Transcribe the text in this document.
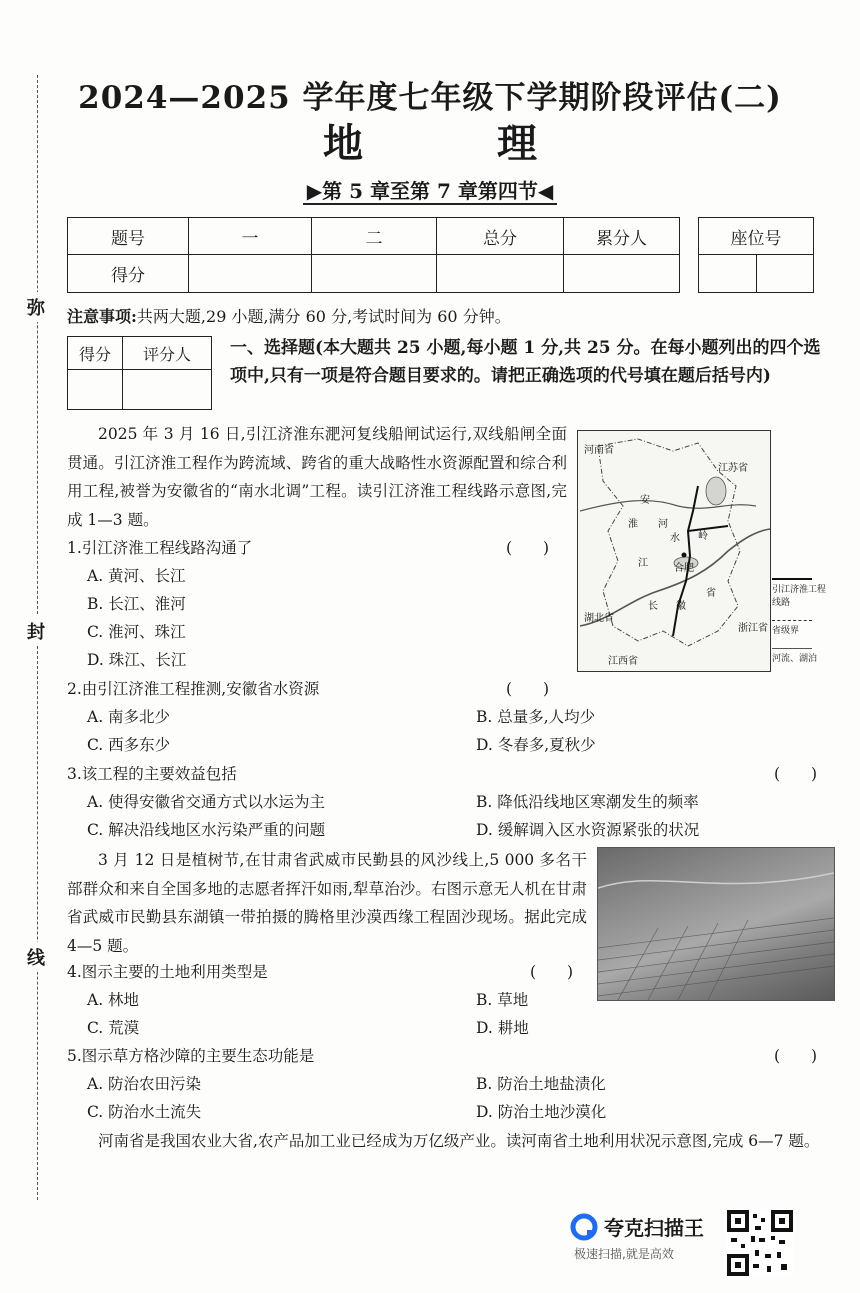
2024—2025 学年度七年级下学期阶段评估(二)
地 理
▶第 5 章至第 7 章第四节◀
弥
封
线
题号	一	二	总分	累分人
得分				
座位号

注意事项:共两大题,29 小题,满分 60 分,考试时间为 60 分钟。
得分	评分人
	一、选择题(本大题共 25 小题,每小题 1 分,共 25 分。在每小题列出的四个选项中,只有一项是符合题目要求的。请把正确选项的代号填在题后括号内)
2025 年 3 月 16 日,引江济淮东淝河复线船闸试运行,双线船闸全面贯通。引江济淮工程作为跨流域、跨省的重大战略性水资源配置和综合利用工程,被誉为安徽省的“南水北调”工程。读引江济淮工程线路示意图,完成 1—3 题。
河南省
安
徽
江苏省
淮 河
水 岭
合肥
江
长
省
湖北省
浙江省
江西省
引江济淮工程线路
省级界
河流、湖泊
1.引江济淮工程线路沟通了	(　　)
A. 黄河、长江
B. 长江、淮河
C. 淮河、珠江
D. 珠江、长江
2.由引江济淮工程推测,安徽省水资源	(　　)
A. 南多北少	B. 总量多,人均少
C. 西多东少	D. 冬春多,夏秋少
3.该工程的主要效益包括	(　　)
A. 使得安徽省交通方式以水运为主	B. 降低沿线地区寒潮发生的频率
C. 解决沿线地区水污染严重的问题	D. 缓解调入区水资源紧张的状况
3 月 12 日是植树节,在甘肃省武威市民勤县的风沙线上,5 000 多名干部群众和来自全国多地的志愿者挥汗如雨,犁草治沙。右图示意无人机在甘肃省武威市民勤县东湖镇一带拍摄的腾格里沙漠西缘工程固沙现场。据此完成 4—5 题。
4.图示主要的土地利用类型是	(　　)
A. 林地	B. 草地
C. 荒漠	D. 耕地
5.图示草方格沙障的主要生态功能是	(　　)
A. 防治农田污染	B. 防治土地盐渍化
C. 防治水土流失	D. 防治土地沙漠化
河南省是我国农业大省,农产品加工业已经成为万亿级产业。读河南省土地利用状况示意图,完成 6—7 题。
夸克扫描王
极速扫描,就是高效
